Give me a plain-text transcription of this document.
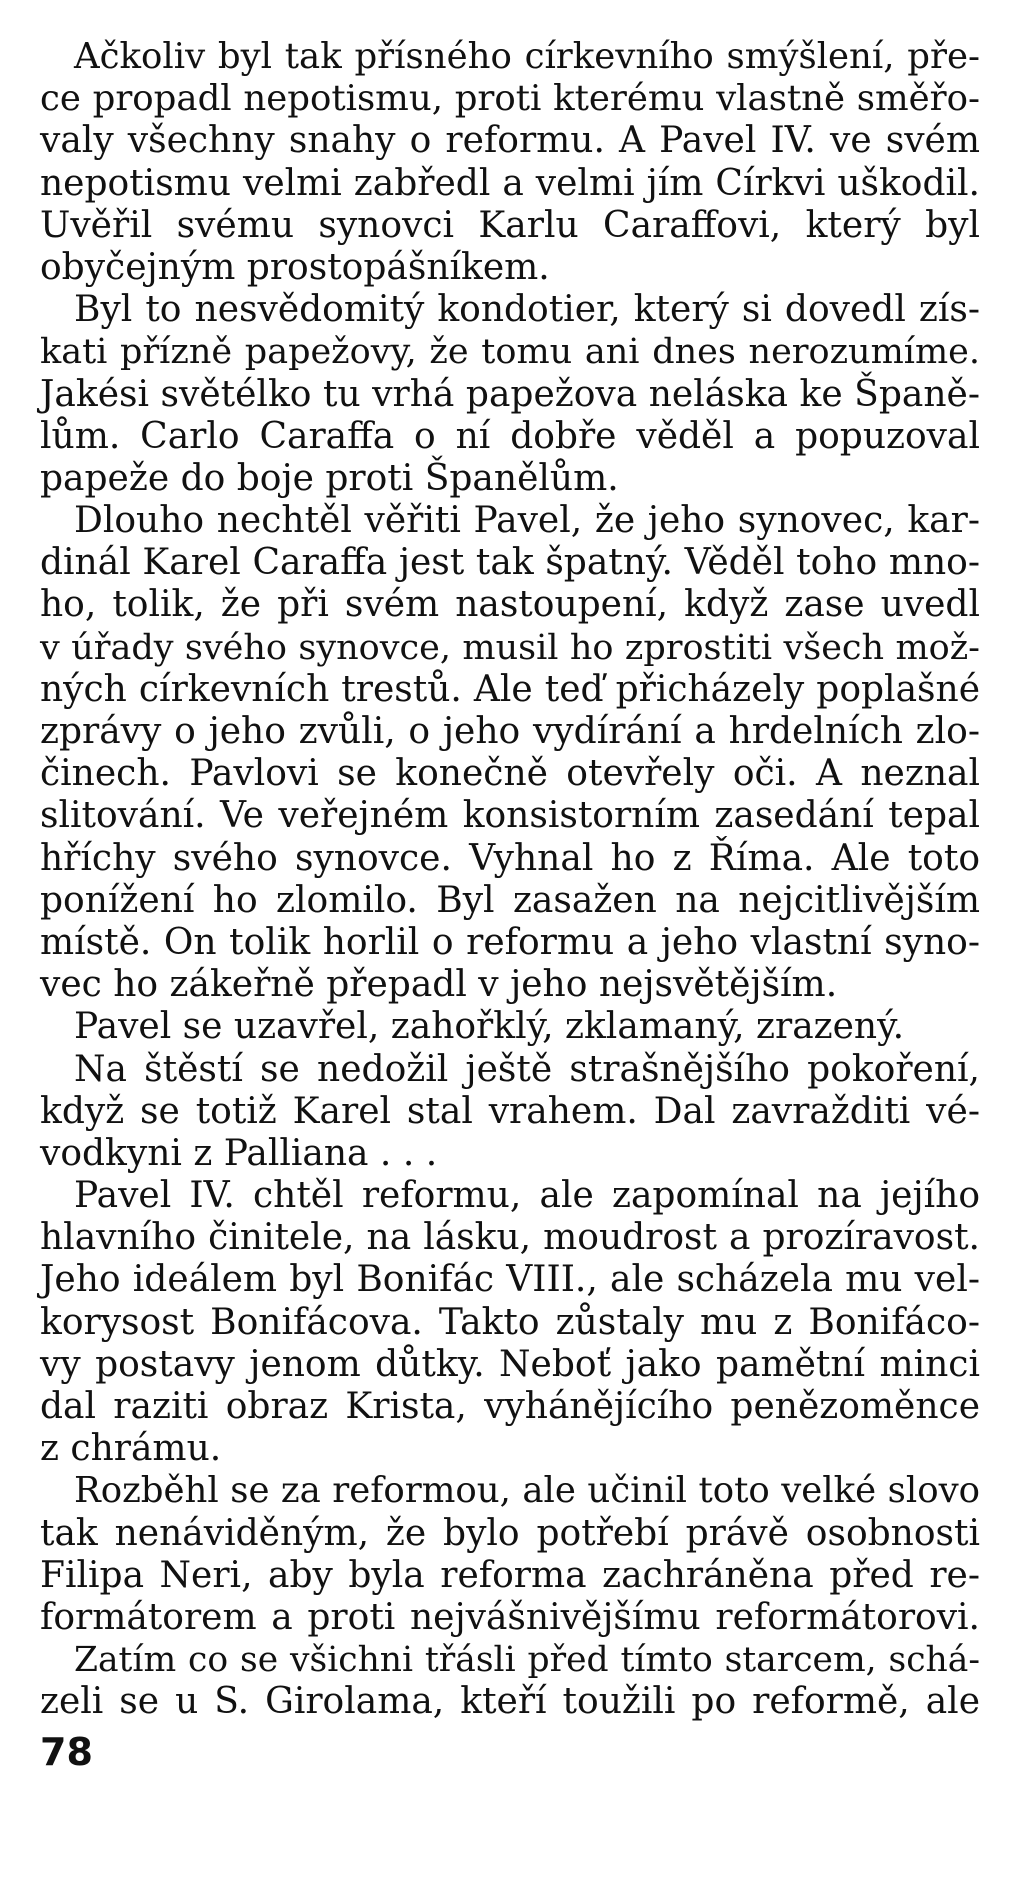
Ačkoliv byl tak přísného církevního smýšlení, pře-
ce propadl nepotismu, proti kterému vlastně směřo-
valy všechny snahy o reformu. A Pavel IV. ve svém
nepotismu velmi zabředl a velmi jím Církvi uškodil.
Uvěřil svému synovci Karlu Caraffovi, který byl
obyčejným prostopášníkem.
Byl to nesvědomitý kondotier, který si dovedl zís-
kati přízně papežovy, že tomu ani dnes nerozumíme.
Jakési světélko tu vrhá papežova neláska ke Španě-
lům. Carlo Caraffa o ní dobře věděl a popuzoval
papeže do boje proti Španělům.
Dlouho nechtěl věřiti Pavel, že jeho synovec, kar-
dinál Karel Caraffa jest tak špatný. Věděl toho mno-
ho, tolik, že při svém nastoupení, když zase uvedl
v úřady svého synovce, musil ho zprostiti všech mož-
ných církevních trestů. Ale teď přicházely poplašné
zprávy o jeho zvůli, o jeho vydírání a hrdelních zlo-
činech. Pavlovi se konečně otevřely oči. A neznal
slitování. Ve veřejném konsistorním zasedání tepal
hříchy svého synovce. Vyhnal ho z Říma. Ale toto
ponížení ho zlomilo. Byl zasažen na nejcitlivějším
místě. On tolik horlil o reformu a jeho vlastní syno-
vec ho zákeřně přepadl v jeho nejsvětějším.
Pavel se uzavřel, zahořklý, zklamaný, zrazený.
Na štěstí se nedožil ještě strašnějšího pokoření,
když se totiž Karel stal vrahem. Dal zavražditi vé-
vodkyni z Palliana . . .
Pavel IV. chtěl reformu, ale zapomínal na jejího
hlavního činitele, na lásku, moudrost a prozíravost.
Jeho ideálem byl Bonifác VIII., ale scházela mu vel-
korysost Bonifácova. Takto zůstaly mu z Bonifáco-
vy postavy jenom důtky. Neboť jako pamětní minci
dal raziti obraz Krista, vyhánějícího penězoměnce
z chrámu.
Rozběhl se za reformou, ale učinil toto velké slovo
tak nenáviděným, že bylo potřebí právě osobnosti
Filipa Neri, aby byla reforma zachráněna před re-
formátorem a proti nejvášnivějšímu reformátorovi.
Zatím co se všichni třásli před tímto starcem, schá-
zeli se u S. Girolama, kteří toužili po reformě, ale
78
